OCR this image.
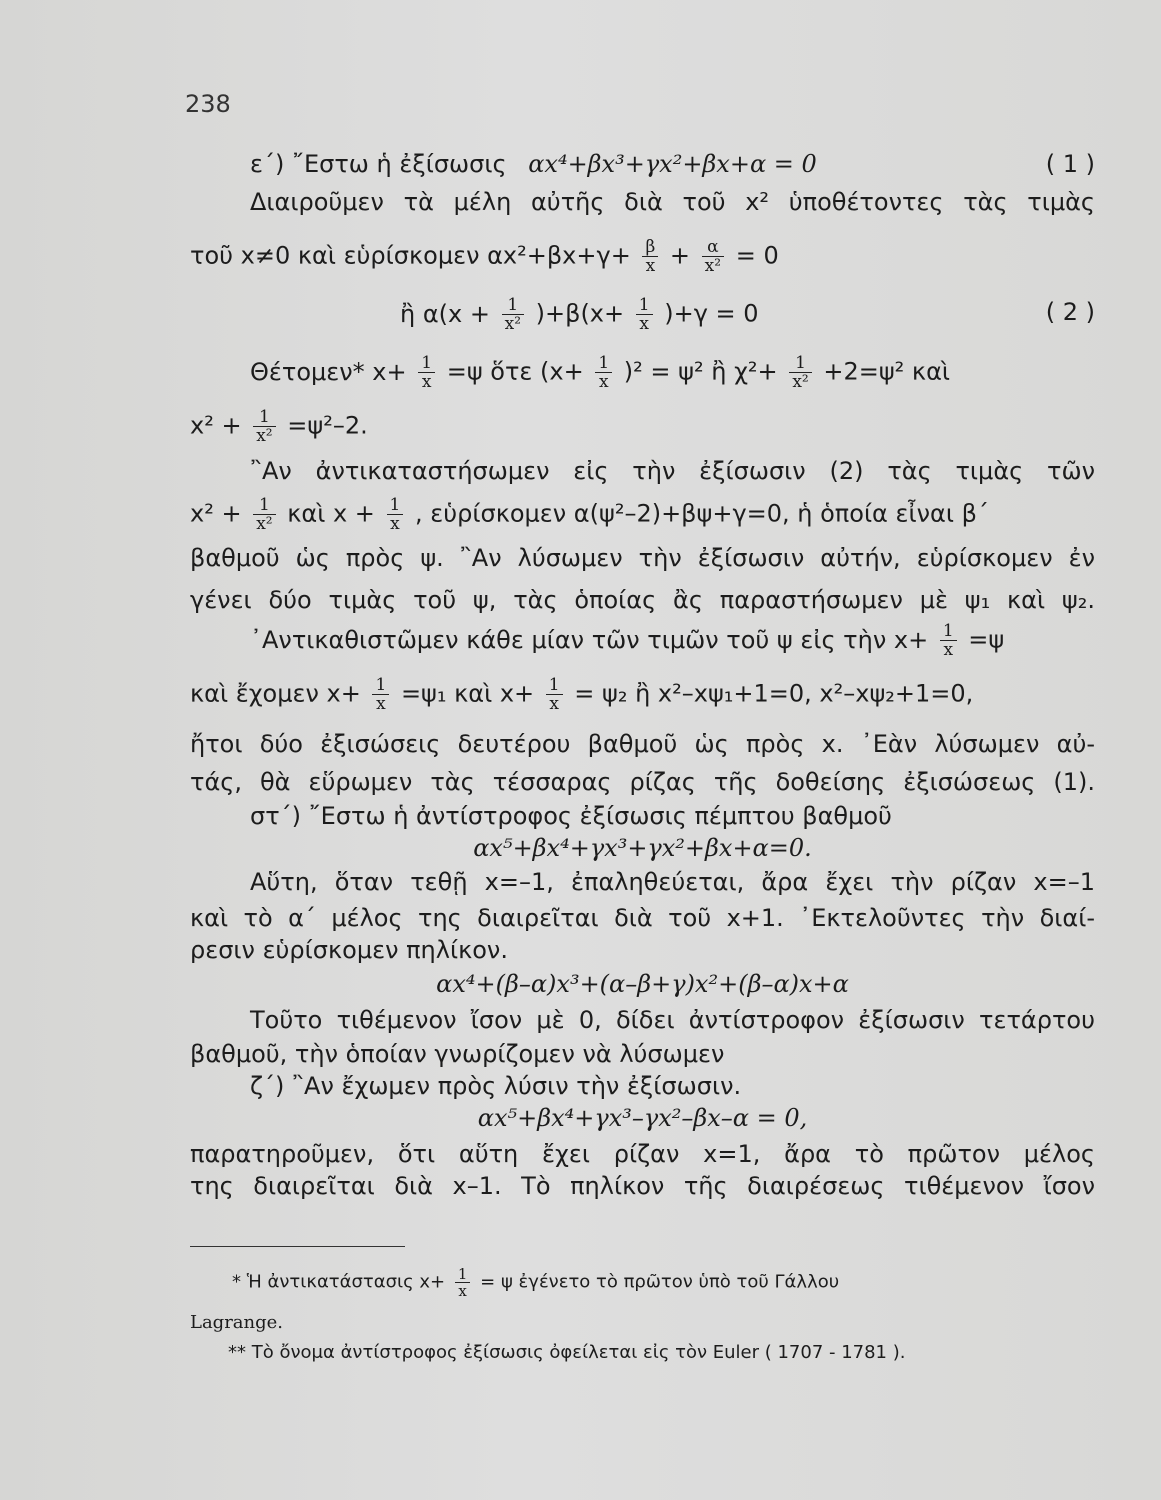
238
ε΄) ῎Εστω ἡ ἐξίσωσις αx⁴+βx³+γx²+βx+α = 0	( 1 )
Διαιροῦμεν τὰ μέλη αὐτῆς διὰ τοῦ x² ὑποθέτοντες τὰς τιμὰς
τοῦ x≠0 καὶ εὑρίσκομεν $\alpha x^2+\beta x+\gamma+ \frac{\beta}{x} + \frac{\alpha}{\text{x²}} = 0$
ἢ $\alpha(x + \frac{1}{\text{x²}} )+\beta(x+ \frac{1}{x} )+\gamma = 0$	( 2 )
Θέτομεν* $x+ \frac{1}{x} =\psi$ ὅτε $(x+ \frac{1}{x} )^2 = \psi^2$ ἢ $\chi^2+ \frac{1}{\text{x²}} +2=\psi^2$ καὶ
$x^2 + \frac{1}{\text{x²}} =\psi^2-2$.
῍Αν ἀντικαταστήσωμεν εἰς τὴν ἐξίσωσιν (2) τὰς τιμὰς τῶν
$x^2 + \frac{1}{\text{x²}}$ καὶ $x + \frac{1}{x}$ , εὑρίσκομεν α(ψ²–2)+βψ+γ=0, ἡ ὁποία εἶναι β΄
βαθμοῦ ὡς πρὸς ψ. ῍Αν λύσωμεν τὴν ἐξίσωσιν αὐτήν, εὑρίσκομεν ἐν
γένει δύο τιμὰς τοῦ ψ, τὰς ὁποίας ἂς παραστήσωμεν μὲ ψ₁ καὶ ψ₂.
᾿Αντικαθιστῶμεν κάθε μίαν τῶν τιμῶν τοῦ ψ εἰς τὴν $x+ \frac{1}{x} =\psi$
καὶ ἔχομεν $x+ \frac{1}{x} =\psi_1$ καὶ $x+ \frac{1}{x} = \psi_2$ ἢ x²–xψ₁+1=0, x²–xψ₂+1=0,
ἤτοι δύο ἐξισώσεις δευτέρου βαθμοῦ ὡς πρὸς x. ᾿Εὰν λύσωμεν αὐ-
τάς, θὰ εὕρωμεν τὰς τέσσαρας ρίζας τῆς δοθείσης ἐξισώσεως (1).
στ΄) ῎Εστω ἡ ἀντίστροφος ἐξίσωσις πέμπτου βαθμοῦ
αx⁵+βx⁴+γx³+γx²+βx+α=0.
Αὕτη, ὅταν τεθῇ x=–1, ἐπαληθεύεται, ἄρα ἔχει τὴν ρίζαν x=–1
καὶ τὸ α΄ μέλος της διαιρεῖται διὰ τοῦ x+1. ᾿Εκτελοῦντες τὴν διαί-
ρεσιν εὑρίσκομεν πηλίκον.
αx⁴+(β–α)x³+(α–β+γ)x²+(β–α)x+α
Τοῦτο τιθέμενον ἴσον μὲ 0, δίδει ἀντίστροφον ἐξίσωσιν τετάρτου
βαθμοῦ, τὴν ὁποίαν γνωρίζομεν νὰ λύσωμεν
ζ΄) ῍Αν ἔχωμεν πρὸς λύσιν τὴν ἐξίσωσιν.
αx⁵+βx⁴+γx³–γx²–βx–α = 0,
παρατηροῦμεν, ὅτι αὕτη ἔχει ρίζαν x=1, ἄρα τὸ πρῶτον μέλος
της διαιρεῖται διὰ x–1. Τὸ πηλίκον τῆς διαιρέσεως τιθέμενον ἴσον
* Ἡ ἀντικατάστασις $x+ \frac{1}{x} = \psi$ ἐγένετο τὸ πρῶτον ὑπὸ τοῦ Γάλλου
Lagrange.
** Τὸ ὄνομα ἀντίστροφος ἐξίσωσις ὀφείλεται εἰς τὸν Euler ( 1707 - 1781 ).
